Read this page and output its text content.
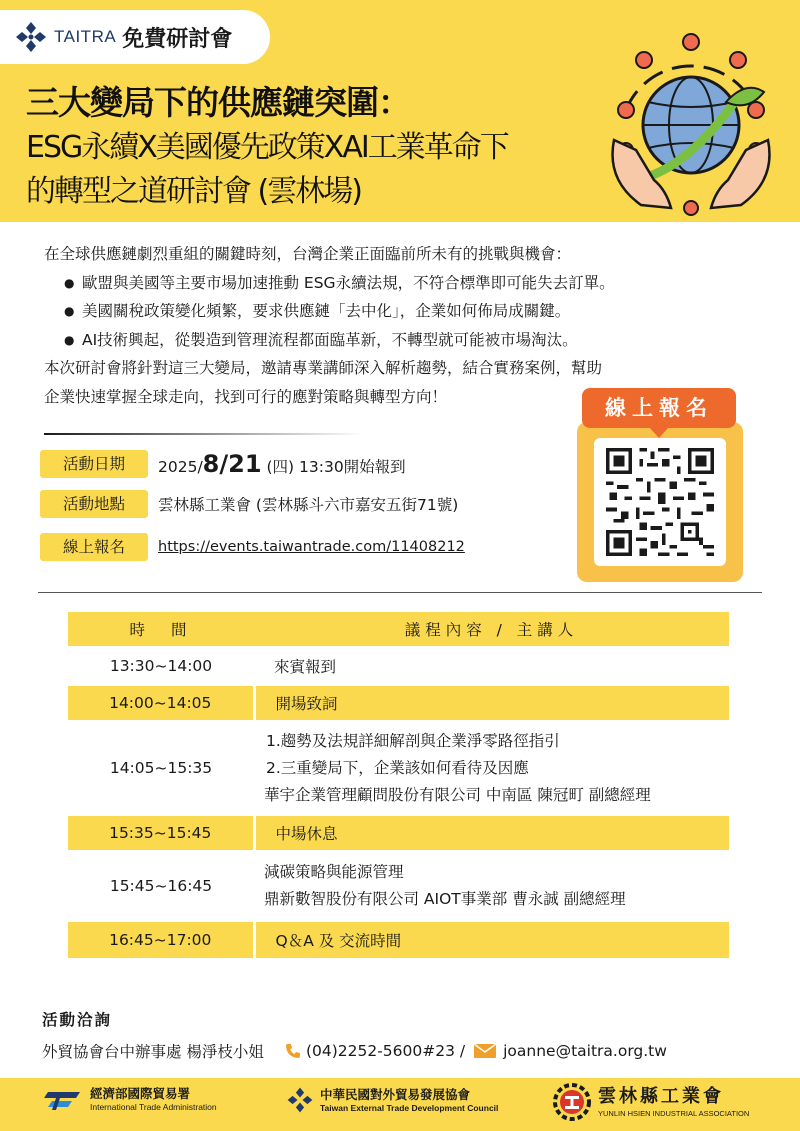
TAITRA 免費研討會
三大變局下的供應鏈突圍：
ESG永續X美國優先政策XAI工業革命下
的轉型之道研討會 (雲林場)
在全球供應鏈劇烈重組的關鍵時刻，台灣企業正面臨前所未有的挑戰與機會：
● 歐盟與美國等主要市場加速推動 ESG永續法規，不符合標準即可能失去訂單。
● 美國關稅政策變化頻繁，要求供應鏈「去中化」，企業如何佈局成關鍵。
● AI技術興起，從製造到管理流程都面臨革新，不轉型就可能被市場淘汰。
本次研討會將針對這三大變局，邀請專業講師深入解析趨勢，結合實務案例，幫助
企業快速掌握全球走向，找到可行的應對策略與轉型方向！	線上報名
活動日期	2025/8/21 (四) 13:30開始報到
活動地點	雲林縣工業會 (雲林縣斗六市嘉安五街71號)
線上報名	https://events.taiwantrade.com/11408212
時間	議程內容 / 主講人

13:30~14:00	來賓報到

14:00~14:05	開場致詞

14:05~15:35	1.趨勢及法規詳細解剖與企業淨零路徑指引
2.三重變局下，企業該如何看待及因應
華宇企業管理顧問股份有限公司 中南區 陳冠町 副總經理

15:35~15:45	中場休息

15:45~16:45	減碳策略與能源管理
鼎新數智股份有限公司 AIOT事業部 曹永誠 副總經理

16:45~17:00	Q＆A 及 交流時間
活動洽詢
外貿協會台中辦事處 楊淨枝小姐	(04)2252-5600#23 / joanne@taitra.org.tw
經濟部國際貿易署
International Trade Administration
中華民國對外貿易發展協會
Taiwan External Trade Development Council
雲林縣工業會
YUNLIN HSIEN INDUSTRIAL ASSOCIATION
